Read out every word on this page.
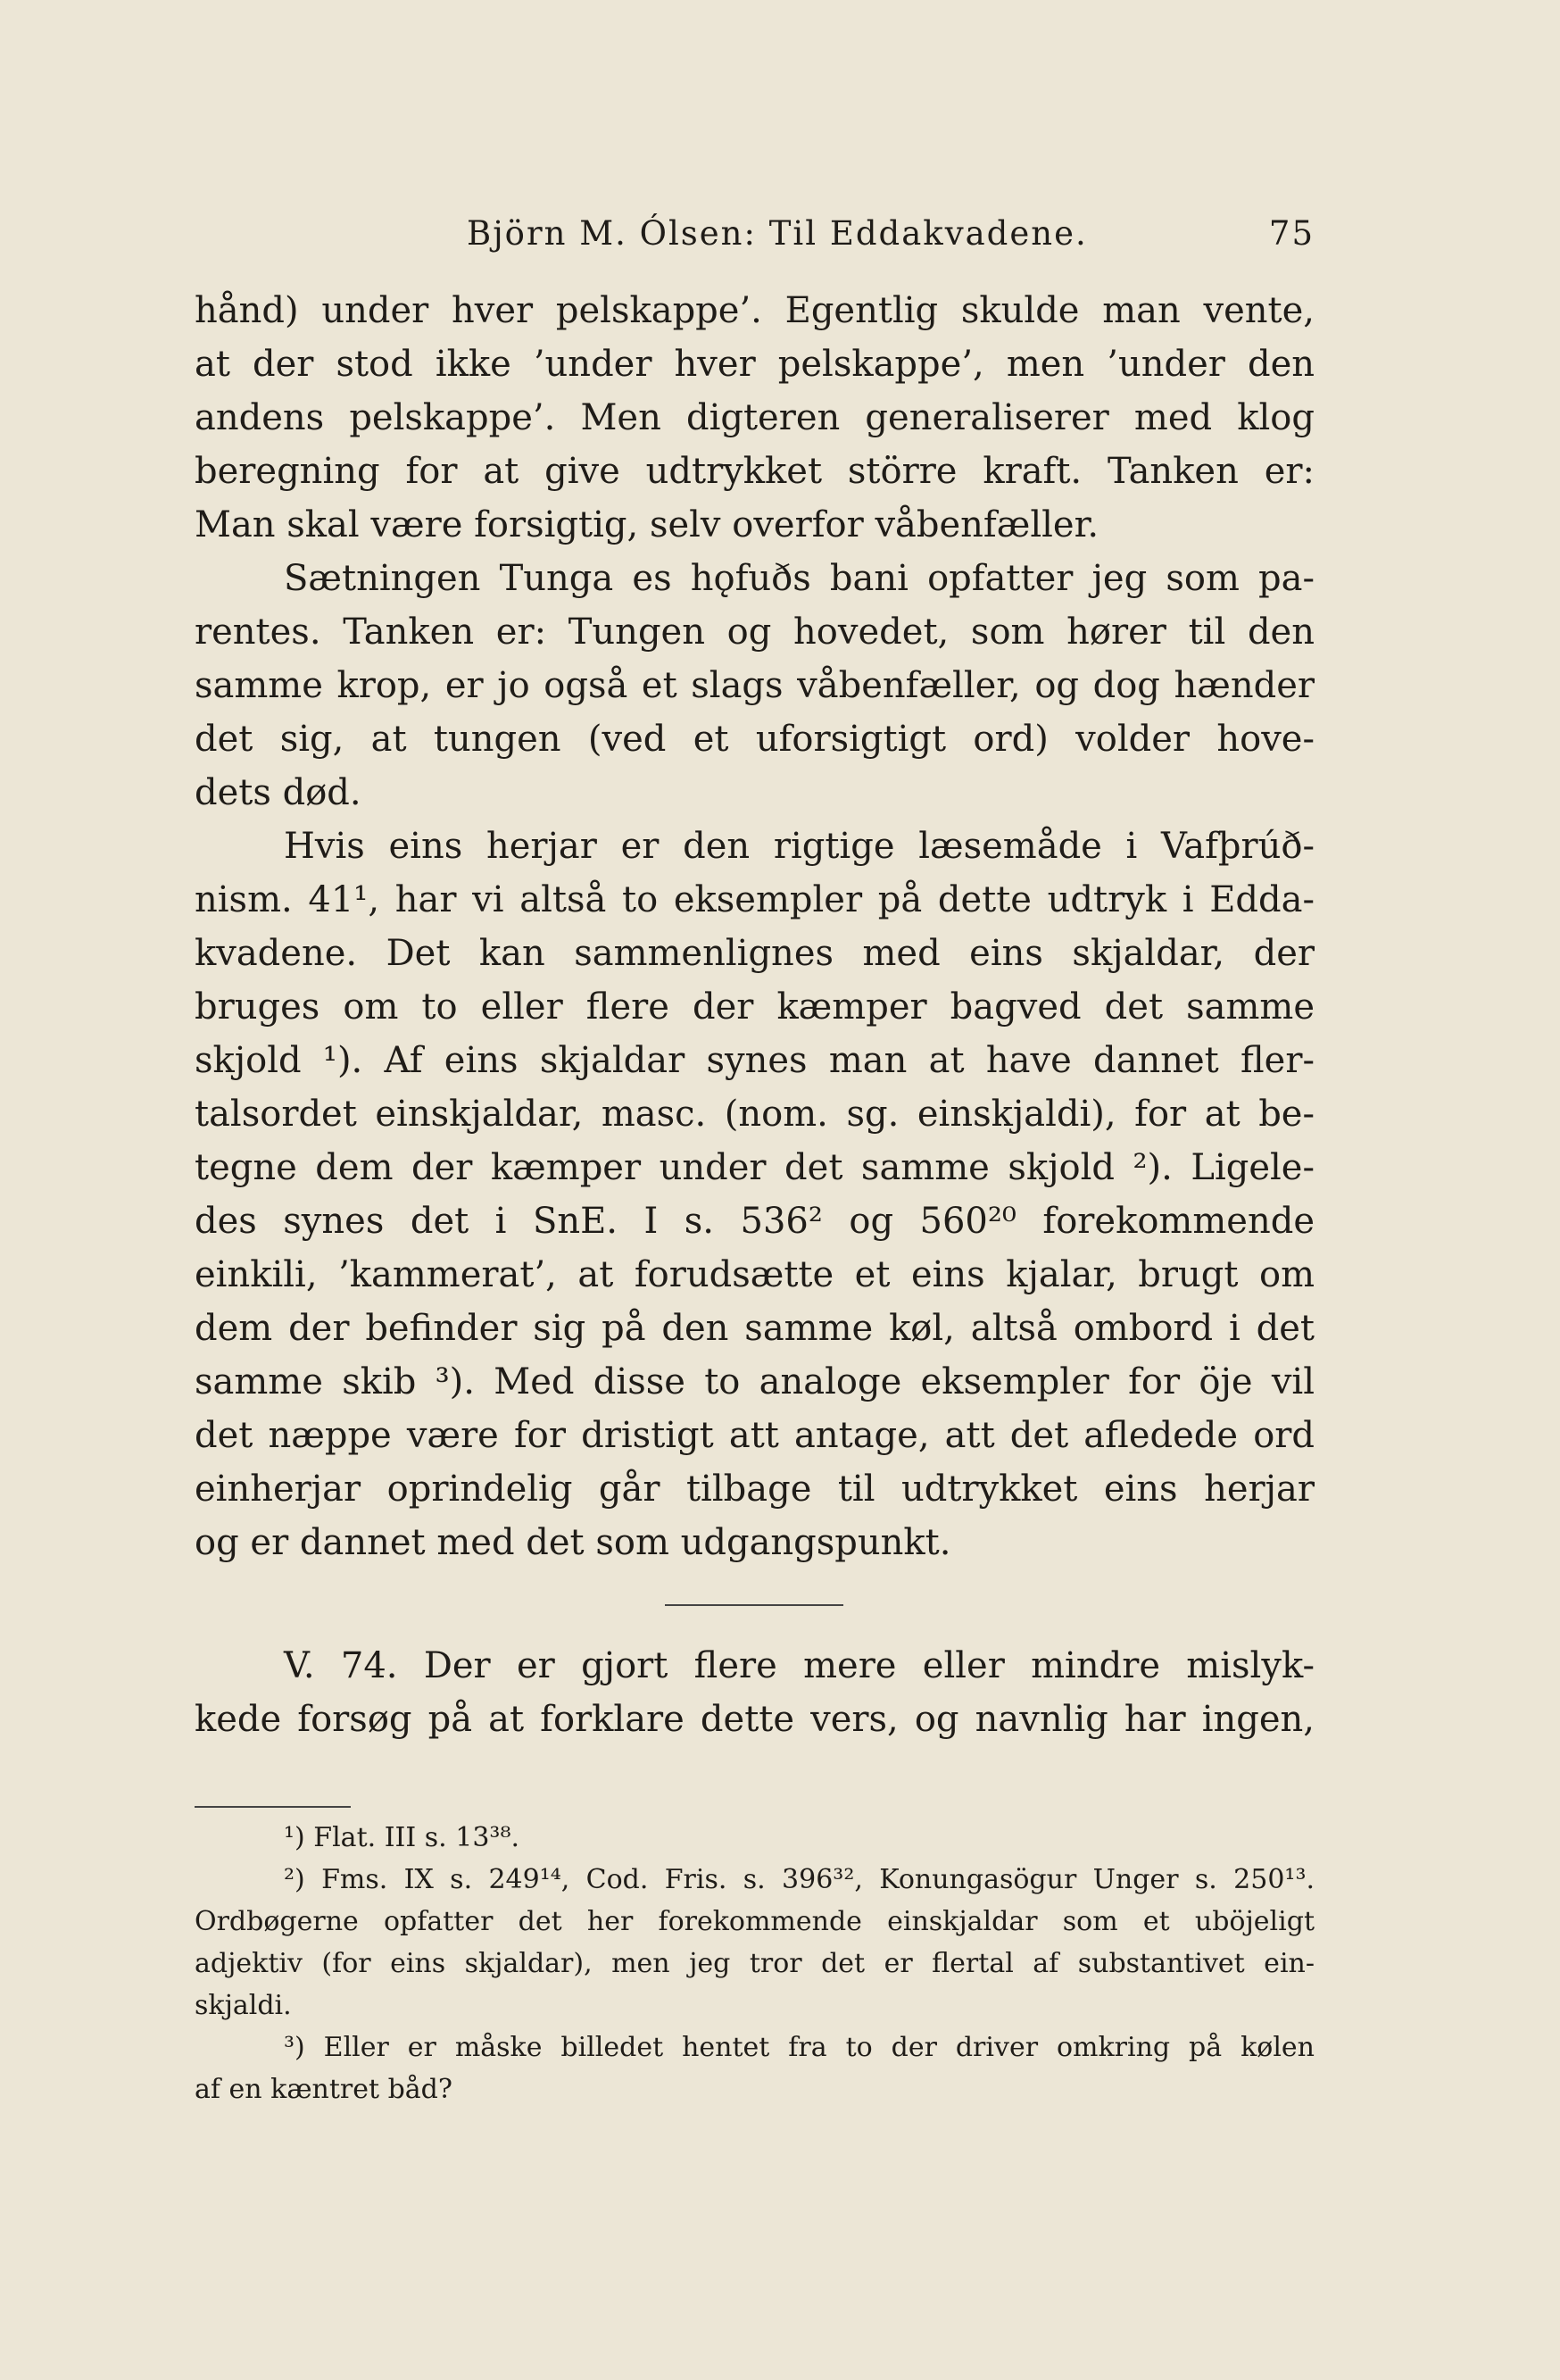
Björn M. Ólsen: Til Eddakvadene.	75
hånd) under hver pelskappe’. Egentlig skulde man vente,
at der stod ikke ’under hver pelskappe’, men ’under den
andens pelskappe’. Men digteren generaliserer med klog
beregning for at give udtrykket större kraft. Tanken er:
Man skal være forsigtig, selv overfor våbenfæller.
Sætningen Tunga es hǫfuðs bani opfatter jeg som pa-
rentes. Tanken er: Tungen og hovedet, som hører til den
samme krop, er jo også et slags våbenfæller, og dog hænder
det sig, at tungen (ved et uforsigtigt ord) volder hove-
dets død.
Hvis eins herjar er den rigtige læsemåde i Vafþrúð-
nism. 41¹, har vi altså to eksempler på dette udtryk i Edda-
kvadene. Det kan sammenlignes med eins skjaldar, der
bruges om to eller flere der kæmper bagved det samme
skjold ¹). Af eins skjaldar synes man at have dannet fler-
talsordet einskjaldar, masc. (nom. sg. einskjaldi), for at be-
tegne dem der kæmper under det samme skjold ²). Ligele-
des synes det i SnE. I s. 536² og 560²⁰ forekommende
einkili, ’kammerat’, at forudsætte et eins kjalar, brugt om
dem der befinder sig på den samme køl, altså ombord i det
samme skib ³). Med disse to analoge eksempler for öje vil
det næppe være for dristigt att antage, att det afledede ord
einherjar oprindelig går tilbage til udtrykket eins herjar
og er dannet med det som udgangspunkt.
V. 74. Der er gjort flere mere eller mindre mislyk-
kede forsøg på at forklare dette vers, og navnlig har ingen,
¹) Flat. III s. 13³⁸.
²) Fms. IX s. 249¹⁴, Cod. Fris. s. 396³², Konungasögur Unger s. 250¹³.
Ordbøgerne opfatter det her forekommende einskjaldar som et uböjeligt
adjektiv (for eins skjaldar), men jeg tror det er flertal af substantivet ein-
skjaldi.
³) Eller er måske billedet hentet fra to der driver omkring på kølen
af en kæntret båd?
